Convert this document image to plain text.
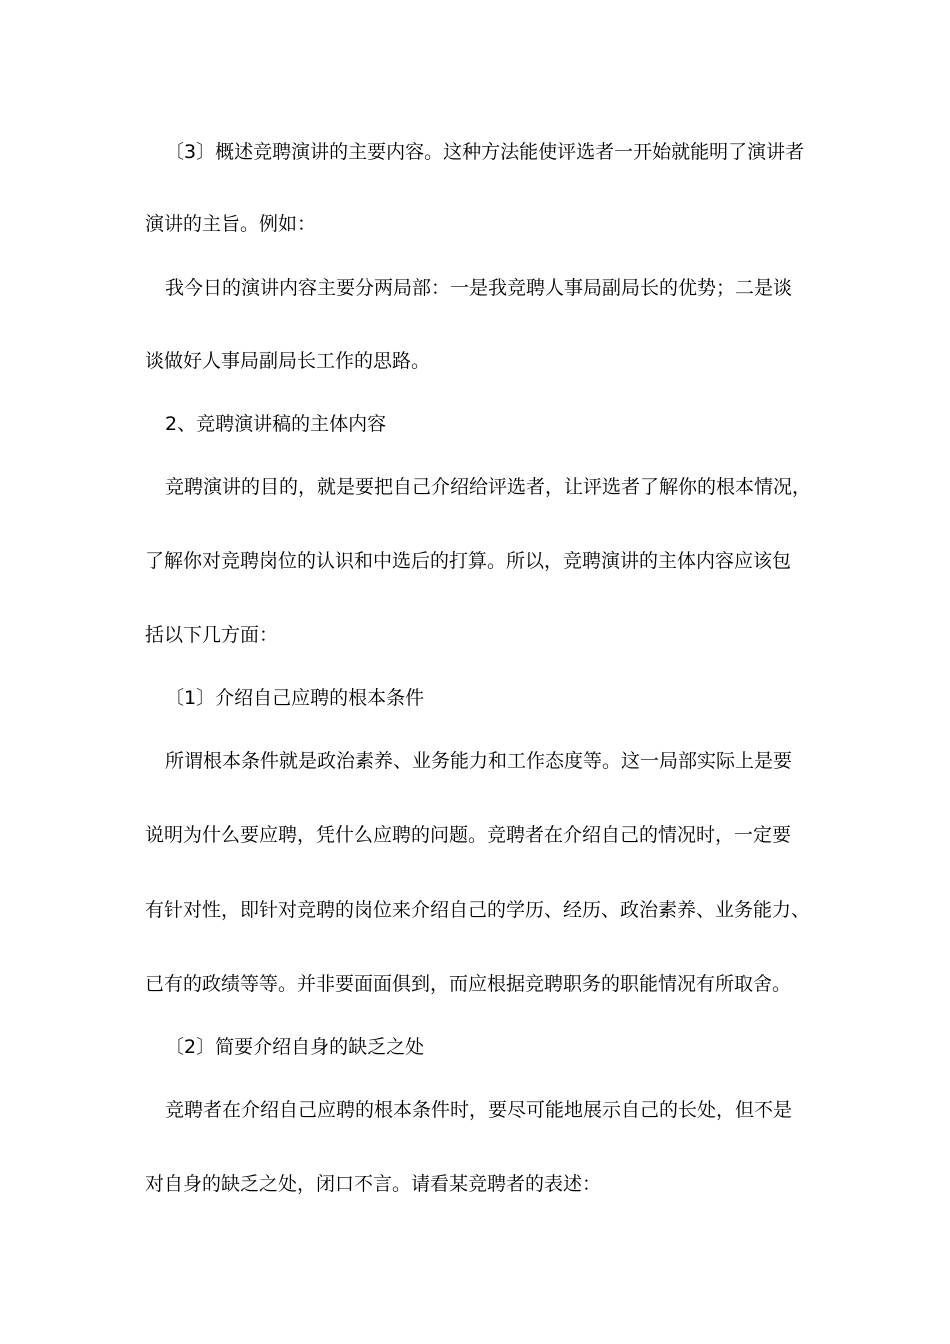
〔3〕概述竞聘演讲的主要内容。这种方法能使评选者一开始就能明了演讲者
演讲的主旨。例如：
我今日的演讲内容主要分两局部：一是我竞聘人事局副局长的优势；二是谈
谈做好人事局副局长工作的思路。
2、竞聘演讲稿的主体内容
竞聘演讲的目的，就是要把自己介绍给评选者，让评选者了解你的根本情况，
了解你对竞聘岗位的认识和中选后的打算。所以，竞聘演讲的主体内容应该包
括以下几方面：
〔1〕介绍自己应聘的根本条件
所谓根本条件就是政治素养、业务能力和工作态度等。这一局部实际上是要
说明为什么要应聘，凭什么应聘的问题。竞聘者在介绍自己的情况时，一定要
有针对性，即针对竞聘的岗位来介绍自己的学历、经历、政治素养、业务能力、
已有的政绩等等。并非要面面俱到，而应根据竞聘职务的职能情况有所取舍。
〔2〕简要介绍自身的缺乏之处
竞聘者在介绍自己应聘的根本条件时，要尽可能地展示自己的长处，但不是
对自身的缺乏之处，闭口不言。请看某竞聘者的表述：
